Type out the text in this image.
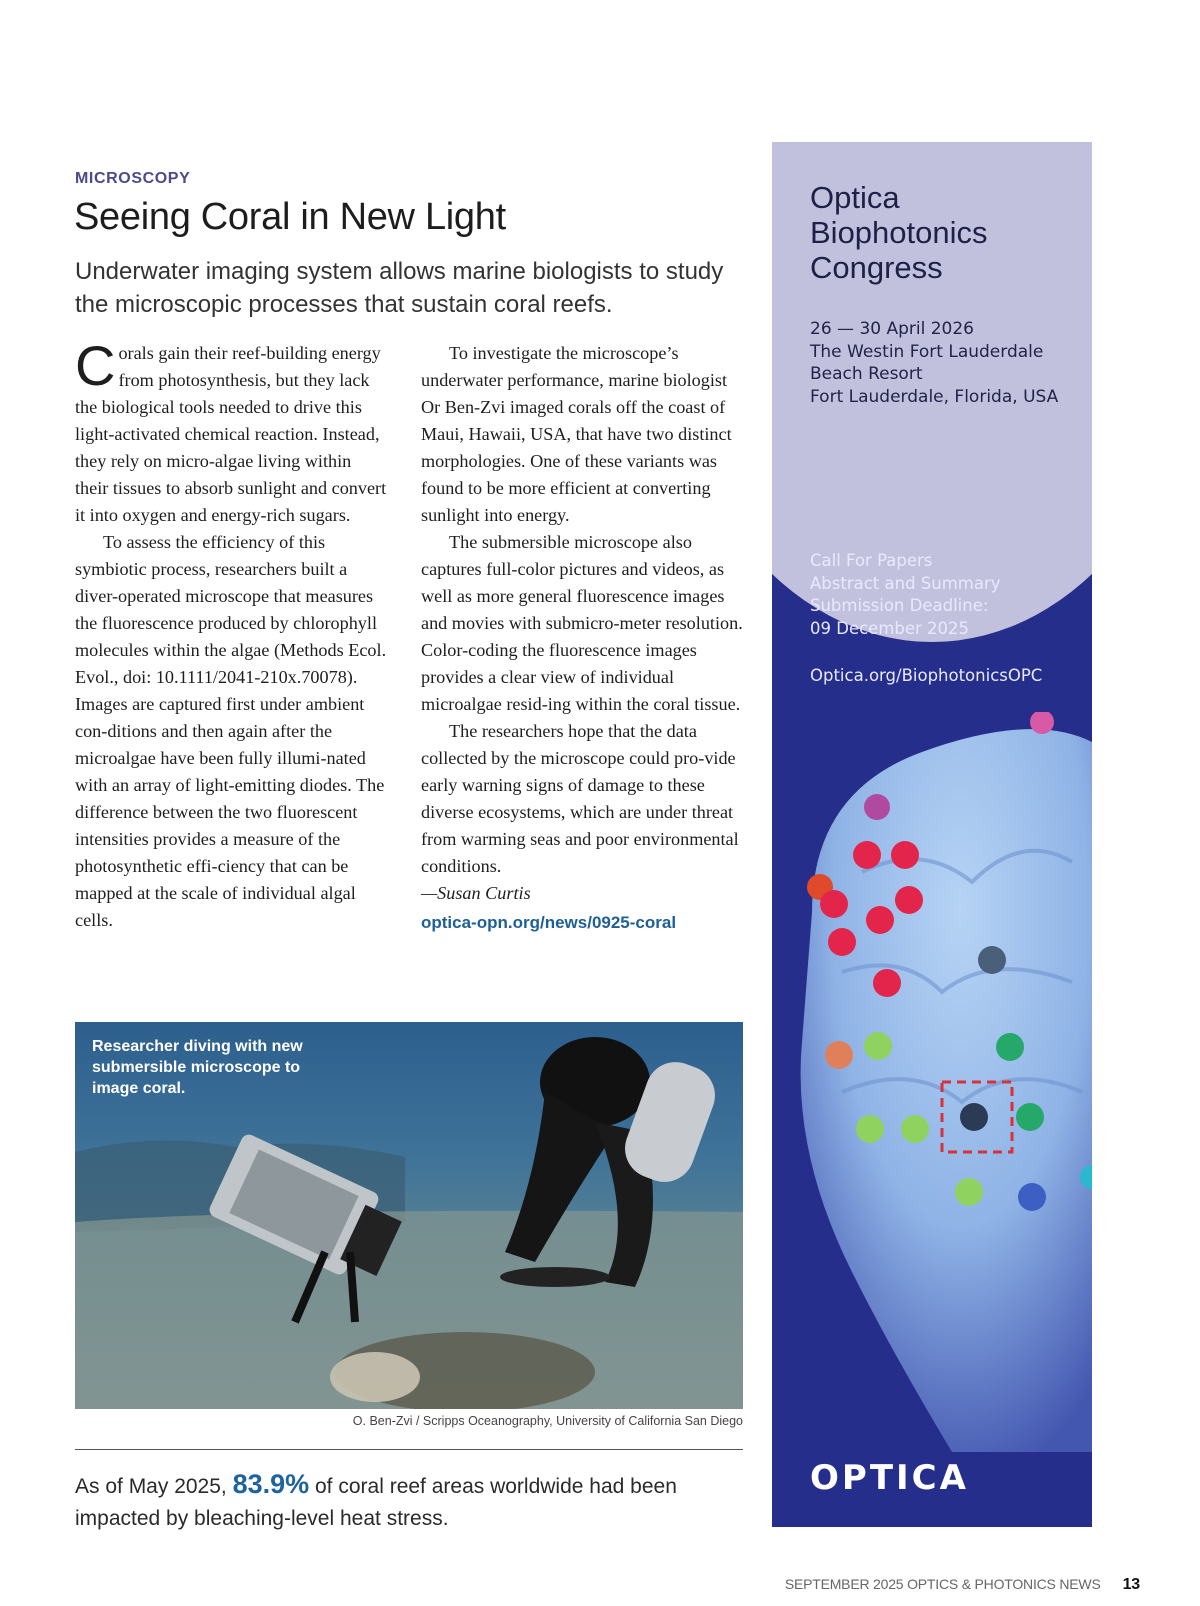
MICROSCOPY
Seeing Coral in New Light
Underwater imaging system allows marine biologists to study the microscopic processes that sustain coral reefs.

Corals gain their reef-building energy from photosynthesis, but they lack the biological tools needed to drive this light-activated chemical reaction. Instead, they rely on micro-algae living within their tissues to absorb sunlight and convert it into oxygen and energy-rich sugars.

To assess the efficiency of this symbiotic process, researchers built a diver-operated microscope that measures the fluorescence produced by chlorophyll molecules within the algae (Methods Ecol. Evol., doi: 10.1111/2041-210x.70078). Images are captured first under ambient con-ditions and then again after the microalgae have been fully illumi-nated with an array of light-emitting diodes. The difference between the two fluorescent intensities provides a measure of the photosynthetic effi-ciency that can be mapped at the scale of individual algal cells.

To investigate the microscope’s underwater performance, marine biologist Or Ben-Zvi imaged corals off the coast of Maui, Hawaii, USA, that have two distinct morphologies. One of these variants was found to be more efficient at converting sunlight into energy.

The submersible microscope also captures full-color pictures and videos, as well as more general fluorescence images and movies with submicro-meter resolution. Color-coding the fluorescence images provides a clear view of individual microalgae resid-ing within the coral tissue.

The researchers hope that the data collected by the microscope could pro-vide early warning signs of damage to these diverse ecosystems, which are under threat from warming seas and poor environmental conditions.

—Susan Curtis
optica-opn.org/news/0925-coral
Researcher diving with new submersible microscope to image coral.
O. Ben-Zvi / Scripps Oceanography, University of California San Diego
As of May 2025, 83.9% of coral reef areas worldwide had been impacted by bleaching-level heat stress.
Optica
Biophotonics
Congress
26 — 30 April 2026
The Westin Fort Lauderdale
Beach Resort
Fort Lauderdale, Florida, USA
Call For Papers
Abstract and Summary
Submission Deadline:
09 December 2025
Optica.org/BiophotonicsOPC
OPTICA
SEPTEMBER 2025 OPTICS & PHOTONICS NEWS 13
